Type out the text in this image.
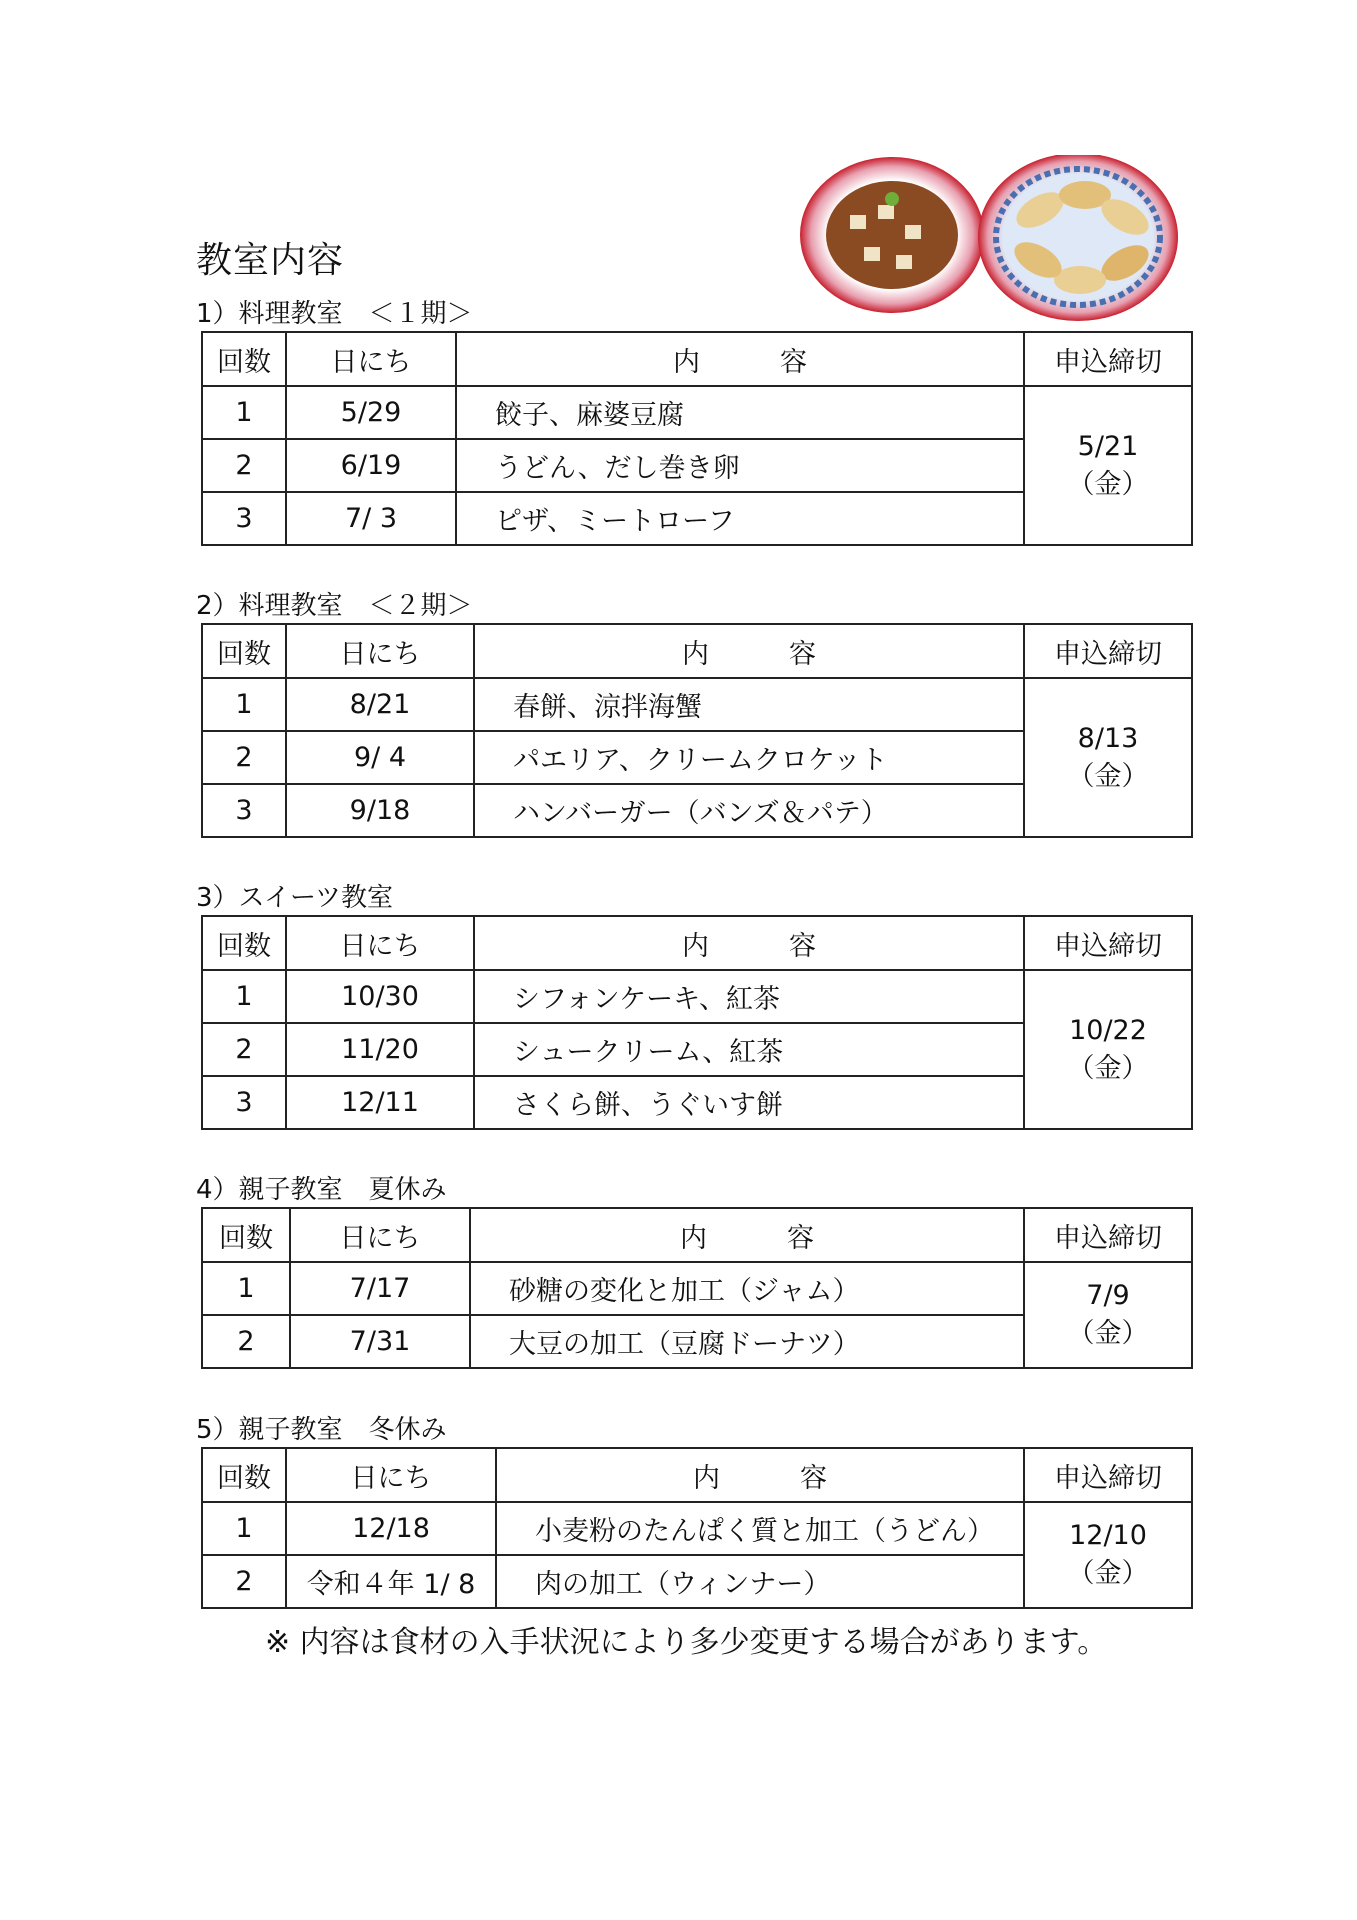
教室内容
1）料理教室　＜１期＞
回数	日にち	内 容	申込締切
1	5/29	餃子、麻婆豆腐	5/21
（金）

2	6/19	うどん、だし巻き卵	
3	7/ 3	ピザ、ミートローフ	
2）料理教室　＜２期＞
回数	日にち	内 容	申込締切
1	8/21	春餅、涼拌海蟹	8/13
（金）

2	9/ 4	パエリア、クリームクロケット	
3	9/18	ハンバーガー（バンズ＆パテ）	
3）スイーツ教室
回数	日にち	内 容	申込締切
1	10/30	シフォンケーキ、紅茶	10/22
（金）

2	11/20	シュークリーム、紅茶	
3	12/11	さくら餅、うぐいす餅	
4）親子教室　夏休み
回数	日にち	内 容	申込締切
1	7/17	砂糖の変化と加工（ジャム）	7/9
（金）

2	7/31	大豆の加工（豆腐ドーナツ）	
5）親子教室　冬休み
回数	日にち	内 容	申込締切
1	12/18	小麦粉のたんぱく質と加工（うどん）	12/10
（金）

2	令和４年 1/ 8	肉の加工（ウィンナー）	
※ 内容は食材の入手状況により多少変更する場合があります。
